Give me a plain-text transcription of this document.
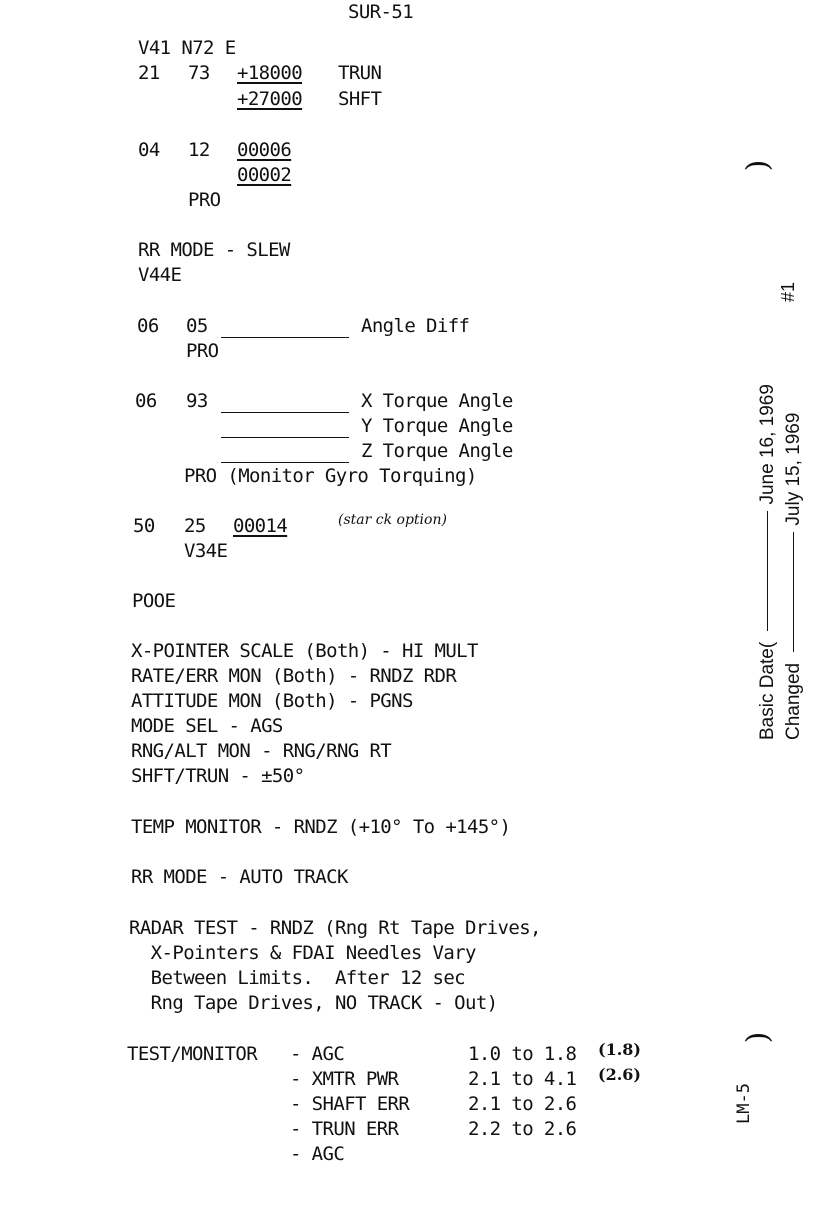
SUR-51
V41 N72 E
21 73 +18000 TRUN
+27000 SHFT
04 12 00006
00002
PRO
RR MODE - SLEW
V44E
06 05	Angle Diff
PRO
06 93	X Torque Angle
Y Torque Angle
Z Torque Angle
PRO (Monitor Gyro Torquing)
50 25 00014	(star ck option)
V34E
POOE
X-POINTER SCALE (Both) - HI MULT
RATE/ERR MON (Both) - RNDZ RDR
ATTITUDE MON (Both) - PGNS
MODE SEL - AGS
RNG/ALT MON - RNG/RNG RT
SHFT/TRUN - ±50°
TEMP MONITOR - RNDZ (+10° To +145°)
RR MODE - AUTO TRACK
RADAR TEST - RNDZ (Rng Rt Tape Drives,
X-Pointers & FDAI Needles Vary
Between Limits.  After 12 sec
Rng Tape Drives, NO TRACK - Out)
TEST/MONITOR - AGC	1.0 to 1.8 (1.8)
- XMTR PWR	2.1 to 4.1 (2.6)
- SHAFT ERR	2.1 to 2.6
- TRUN ERR	2.2 to 2.6
- AGC
)
)
#1
Basic Date( June 16, 1969
Changed July 15, 1969
LM-5
